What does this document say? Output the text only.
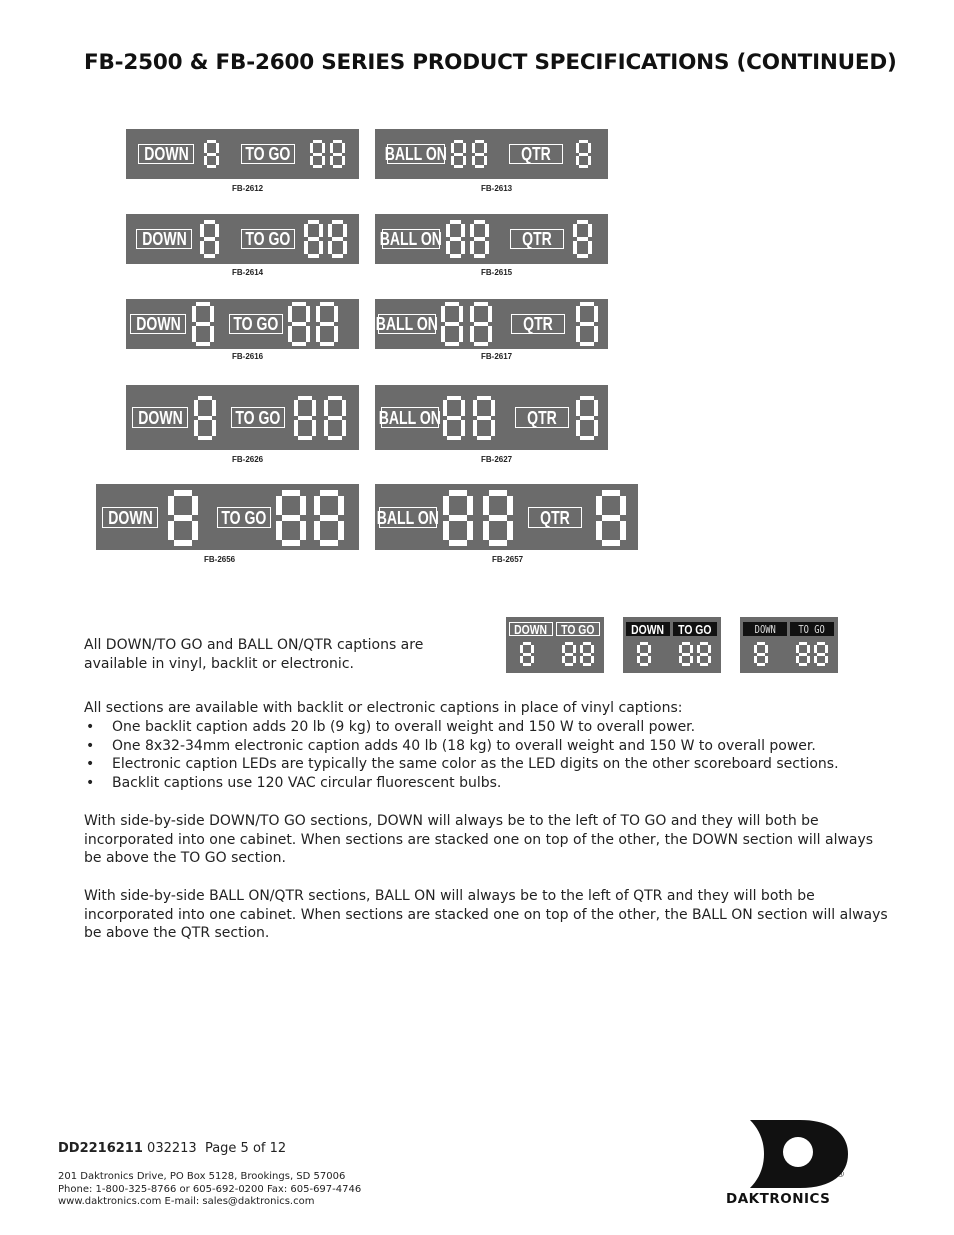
FB-2500 & FB-2600 SERIES PRODUCT SPECIFICATIONS (CONTINUED)
DOWN	TO GO
FB-2612
BALL ON	QTR
FB-2613
DOWN	TO GO
FB-2614
BALL ON	QTR
FB-2615
DOWN	TO GO
FB-2616
BALL ON	QTR
FB-2617
DOWN	TO GO
FB-2626
BALL ON	QTR
FB-2627
DOWN	TO GO
FB-2656
BALL ON	QTR
FB-2657

All DOWN/TO GO and BALL ON/QTR captions are available in vinyl, backlit or electronic.

DOWN TO GO	DOWN TO GO	DOWN TO GO

All sections are available with backlit or electronic captions in place of vinyl captions:

• One backlit caption adds 20 lb (9 kg) to overall weight and 150 W to overall power.
• One 8x32-34mm electronic caption adds 40 lb (18 kg) to overall weight and 150 W to overall power.
• Electronic caption LEDs are typically the same color as the LED digits on the other scoreboard sections.
• Backlit captions use 120 VAC circular fluorescent bulbs.
With side-by-side DOWN/TO GO sections, DOWN will always be to the left of TO GO and they will both be
incorporated into one cabinet. When sections are stacked one on top of the other, the DOWN section will always
be above the TO GO section.
With side-by-side BALL ON/QTR sections, BALL ON will always be to the left of QTR and they will both be
incorporated into one cabinet. When sections are stacked one on top of the other, the BALL ON section will always
be above the QTR section.
DD2216211 032213  Page 5 of 12
201 Daktronics Drive, PO Box 5128, Brookings, SD 57006
Phone: 1-800-325-8766 or 605-692-0200 Fax: 605-697-4746
www.daktronics.com E-mail: sales@daktronics.com
®
DAKTRONICS
